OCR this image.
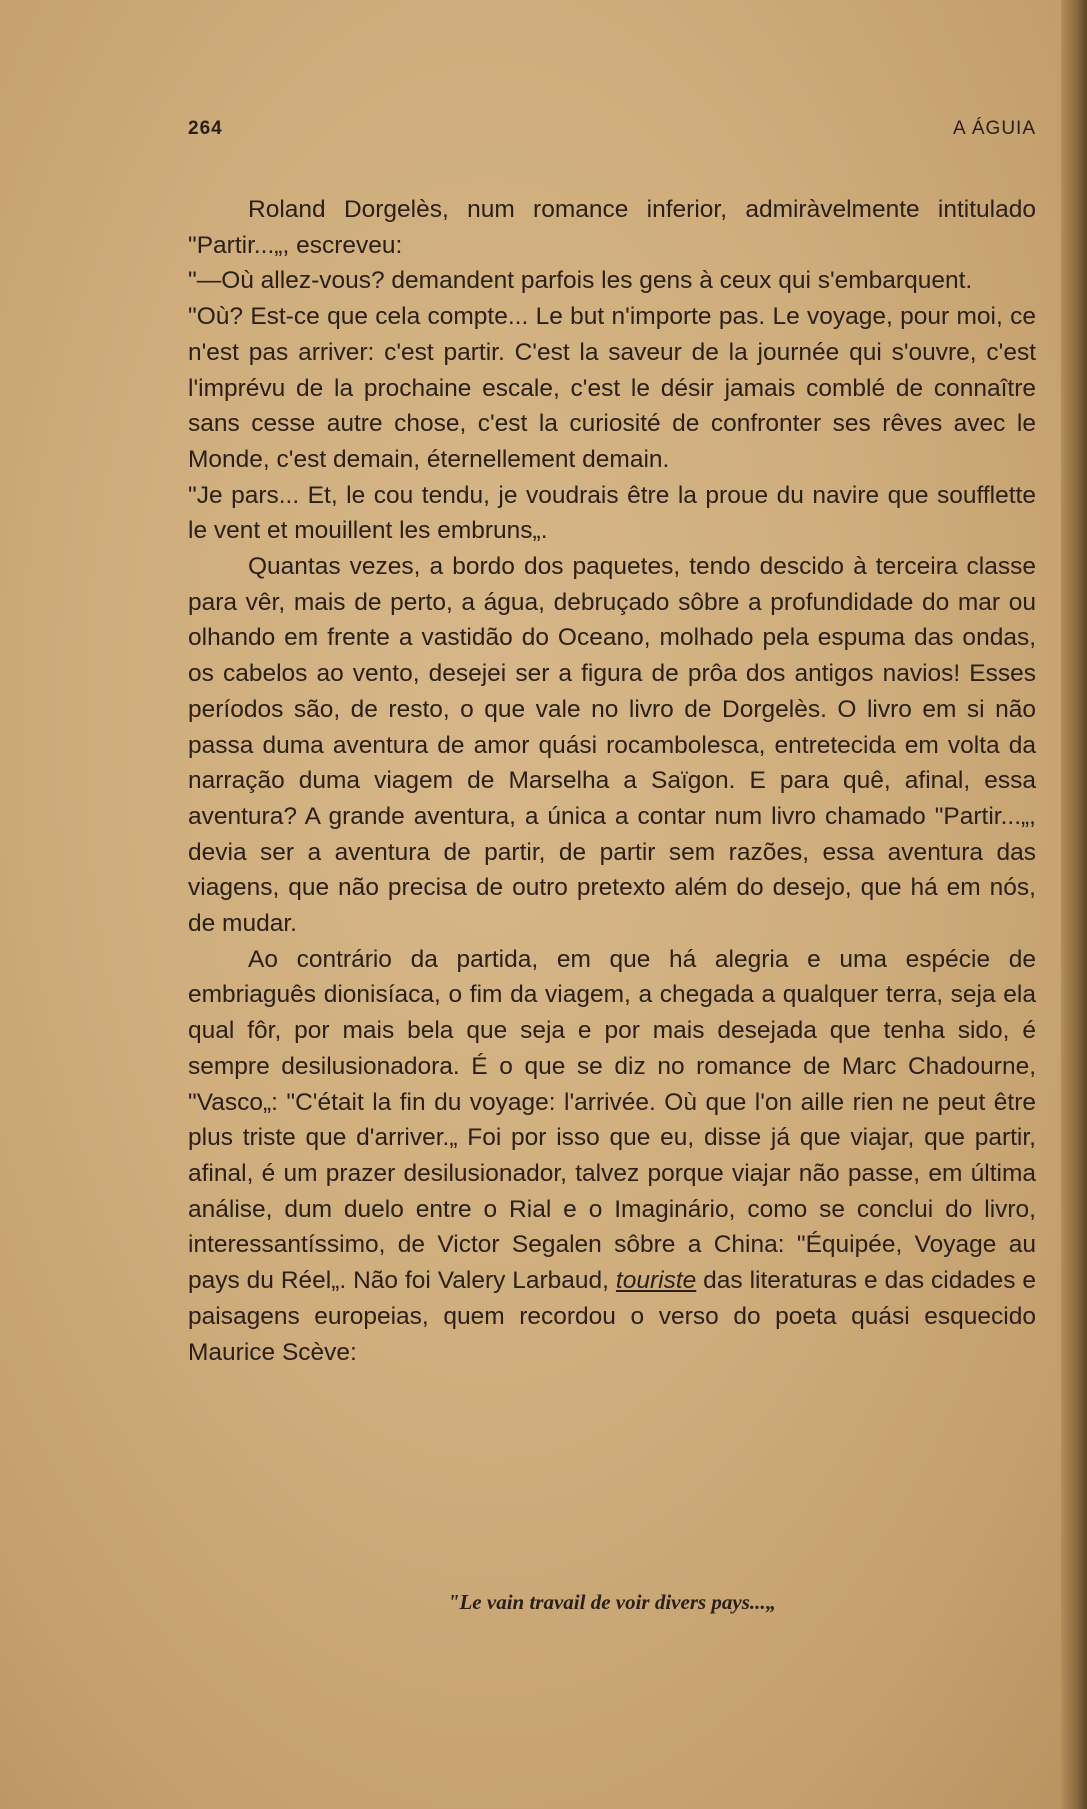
264	A ÁGUIA

Roland Dorgelès, num romance inferior, admiràvelmente intitulado "Partir...„, escreveu:

"—Où allez-vous? demandent parfois les gens à ceux qui s'embarquent.

"Où? Est-ce que cela compte... Le but n'importe pas. Le voyage, pour moi, ce n'est pas arriver: c'est partir. C'est la saveur de la journée qui s'ouvre, c'est l'imprévu de la prochaine escale, c'est le désir jamais comblé de connaître sans cesse autre chose, c'est la curiosité de confronter ses rêves avec le Monde, c'est demain, éternellement demain.

"Je pars... Et, le cou tendu, je voudrais être la proue du navire que soufflette le vent et mouillent les embruns„.

Quantas vezes, a bordo dos paquetes, tendo descido à terceira classe para vêr, mais de perto, a água, debruçado sôbre a profundidade do mar ou olhando em frente a vastidão do Oceano, molhado pela espuma das ondas, os cabelos ao vento, desejei ser a figura de prôa dos antigos navios! Esses períodos são, de resto, o que vale no livro de Dorgelès. O livro em si não passa duma aventura de amor quási rocambolesca, entretecida em volta da narração duma viagem de Marselha a Saïgon. E para quê, afinal, essa aventura? A grande aventura, a única a contar num livro chamado "Partir...„, devia ser a aventura de partir, de partir sem razões, essa aventura das viagens, que não precisa de outro pretexto além do desejo, que há em nós, de mudar.

Ao contrário da partida, em que há alegria e uma espécie de embriaguês dionisíaca, o fim da viagem, a chegada a qualquer terra, seja ela qual fôr, por mais bela que seja e por mais desejada que tenha sido, é sempre desilusionadora. É o que se diz no romance de Marc Chadourne, "Vasco„: "C'était la fin du voyage: l'arrivée. Où que l'on aille rien ne peut être plus triste que d'arriver.„ Foi por isso que eu, disse já que viajar, que partir, afinal, é um prazer desilusionador, talvez porque viajar não passe, em última análise, dum duelo entre o Rial e o Imaginário, como se conclui do livro, interessantíssimo, de Victor Segalen sôbre a China: "Équipée, Voyage au pays du Réel„. Não foi Valery Larbaud, touriste das literaturas e das cidades e paisagens europeias, quem recordou o verso do poeta quási esquecido Maurice Scève:

"Le vain travail de voir divers pays...„
